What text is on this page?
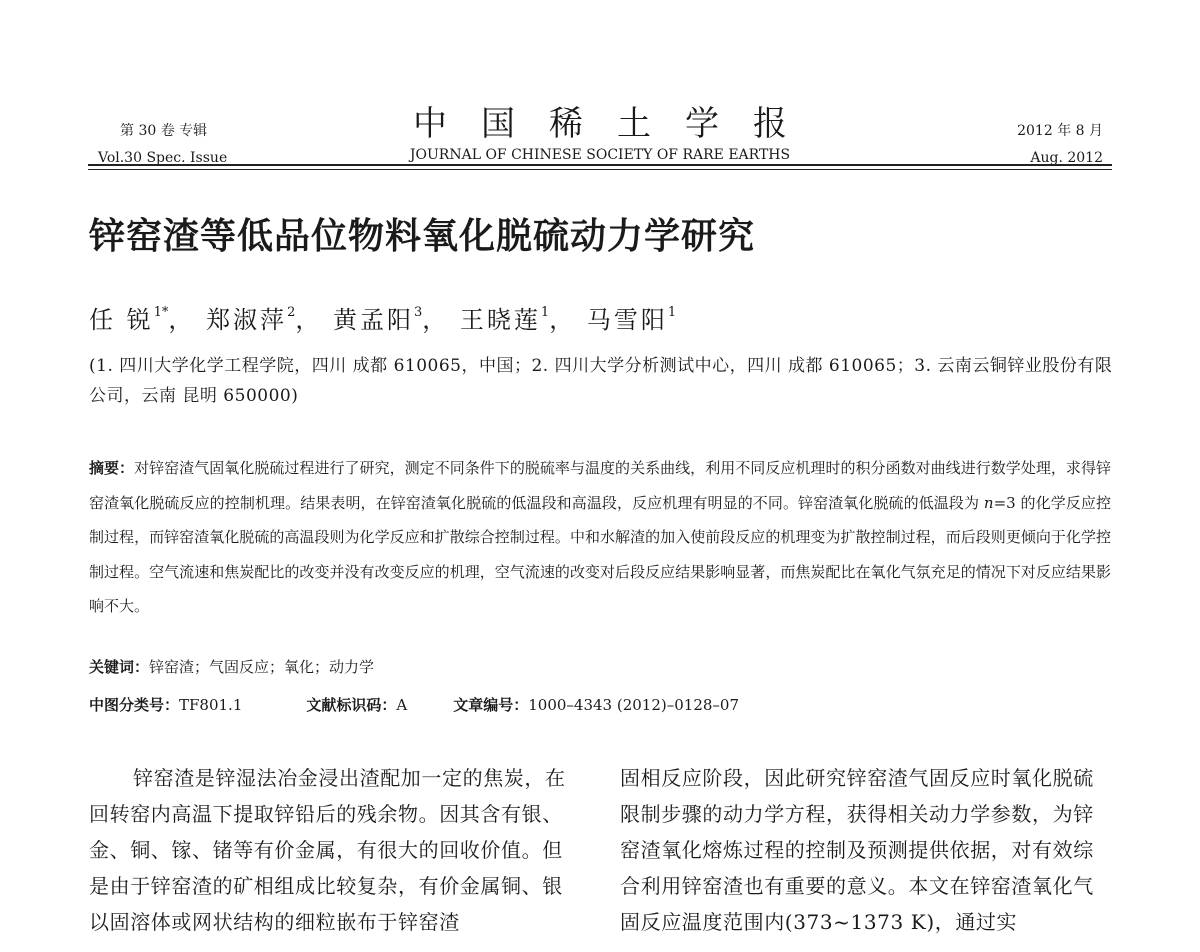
第 30 卷 专辑
Vol.30 Spec. Issue
中国稀土学报
JOURNAL OF CHINESE SOCIETY OF RARE EARTHS
2012 年 8 月
Aug. 2012
锌窑渣等低品位物料氧化脱硫动力学研究
任 锐$^{1*}$， 郑淑萍$^2$， 黄孟阳$^3$， 王晓莲$^1$， 马雪阳$^1$
(1. 四川大学化学工程学院，四川 成都 610065，中国；2. 四川大学分析测试中心，四川 成都 610065；3. 云南云铜锌业股份有限公司，云南 昆明 650000)
摘要：对锌窑渣气固氧化脱硫过程进行了研究，测定不同条件下的脱硫率与温度的关系曲线，利用不同反应机理时的积分函数对曲线进行数学处理，求得锌窑渣氧化脱硫反应的控制机理。结果表明，在锌窑渣氧化脱硫的低温段和高温段，反应机理有明显的不同。锌窑渣氧化脱硫的低温段为 n=3 的化学反应控制过程，而锌窑渣氧化脱硫的高温段则为化学反应和扩散综合控制过程。中和水解渣的加入使前段反应的机理变为扩散控制过程，而后段则更倾向于化学控制过程。空气流速和焦炭配比的改变并没有改变反应的机理，空气流速的改变对后段反应结果影响显著，而焦炭配比在氧化气氛充足的情况下对反应结果影响不大。
关键词：锌窑渣；气固反应；氧化；动力学
中图分类号：TF801.1	文献标识码：A	文章编号：1000–4343 (2012)–0128–07
锌窑渣是锌湿法冶金浸出渣配加一定的焦炭，在回转窑内高温下提取锌铅后的残余物。因其含有银、金、铜、镓、锗等有价金属，有很大的回收价值。但是由于锌窑渣的矿相组成比较复杂，有价金属铜、银以固溶体或网状结构的细粒嵌布于锌窑渣
固相反应阶段，因此研究锌窑渣气固反应时氧化脱硫限制步骤的动力学方程，获得相关动力学参数，为锌窑渣氧化熔炼过程的控制及预测提供依据，对有效综合利用锌窑渣也有重要的意义。本文在锌窑渣氧化气固反应温度范围内(373~1373 K)，通过实
